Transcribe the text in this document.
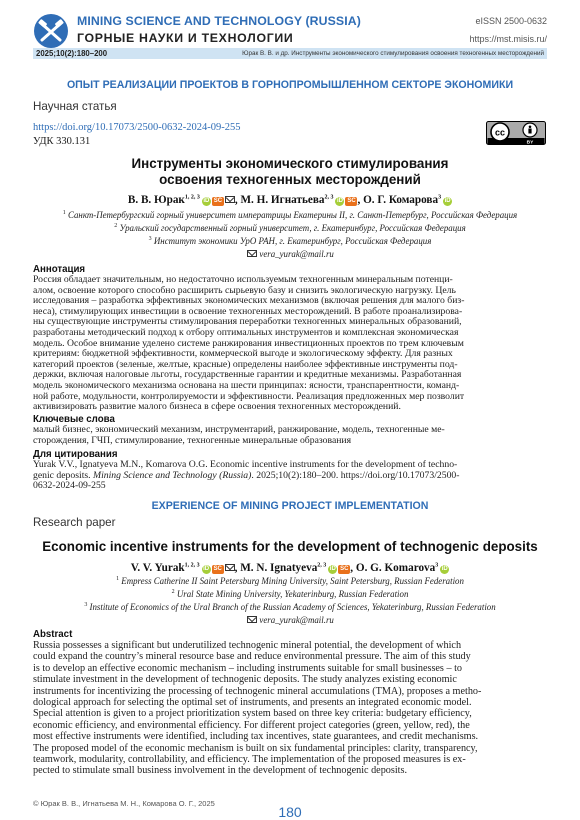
MINING SCIENCE AND TECHNOLOGY (RUSSIA)
ГОРНЫЕ НАУКИ И ТЕХНОЛОГИИ
eISSN 2500-0632
https://mst.misis.ru/
2025;10(2):180–200	Юрак В. В. и др. Инструменты экономического стимулирования освоения техногенных месторождений
ОПЫТ РЕАЛИЗАЦИИ ПРОЕКТОВ В ГОРНОПРОМЫШЛЕННОМ СЕКТОРЕ ЭКОНОМИКИ
Научная статья
https://doi.org/10.17073/2500-0632-2024-09-255
УДК 330.131
cc
BY
Инструменты экономического стимулирования
освоения техногенных месторождений
В. В. Юрак$^{1, 2, 3}$iD SC , М. Н. Игнатьева$^{2, 3}$iD SC , О. Г. Комарова$^3$iD
$^1$ Санкт-Петербургский горный университет императрицы Екатерины II, г. Санкт-Петербург, Российская Федерация
$^2$ Уральский государственный горный университет, г. Екатеринбург, Российская Федерация
$^3$ Институт экономики УрО РАН, г. Екатеринбург, Российская Федерация
vera_yurak@mail.ru
Аннотация
Россия обладает значительным, но недостаточно используемым техногенным минеральным потенци-
алом, освоение которого способно расширить сырьевую базу и снизить экологическую нагрузку. Цель
исследования – разработка эффективных экономических механизмов (включая решения для малого биз-
неса), стимулирующих инвестиции в освоение техногенных месторождений. В работе проанализирова-
ны существующие инструменты стимулирования переработки техногенных минеральных образований,
разработаны методический подход к отбору оптимальных инструментов и комплексная экономическая
модель. Особое внимание уделено системе ранжирования инвестиционных проектов по трем ключевым
критериям: бюджетной эффективности, коммерческой выгоде и экологическому эффекту. Для разных
категорий проектов (зеленые, желтые, красные) определены наиболее эффективные инструменты под-
держки, включая налоговые льготы, государственные гарантии и кредитные механизмы. Разработанная
модель экономического механизма основана на шести принципах: ясности, транспарентности, команд-
ной работе, модульности, контролируемости и эффективности. Реализация предложенных мер позволит
активизировать развитие малого бизнеса в сфере освоения техногенных месторождений.
Ключевые слова
малый бизнес, экономический механизм, инструментарий, ранжирование, модель, техногенные ме-
сторождения, ГЧП, стимулирование, техногенные минеральные образования
Для цитирования
Yurak V.V., Ignatyeva M.N., Komarova O.G. Economic incentive instruments for the development of techno-
genic deposits. Mining Science and Technology (Russia). 2025;10(2):180–200. https://doi.org/10.17073/2500-
0632-2024-09-255
EXPERIENCE OF MINING PROJECT IMPLEMENTATION
Research paper
Economic incentive instruments for the development of technogenic deposits
V. V. Yurak$^{1, 2, 3}$iD SC , M. N. Ignatyeva$^{2, 3}$iD SC , O. G. Komarova$^3$iD
$^1$ Empress Catherine II Saint Petersburg Mining University, Saint Petersburg, Russian Federation
$^2$ Ural State Mining University, Yekaterinburg, Russian Federation
$^3$ Institute of Economics of the Ural Branch of the Russian Academy of Sciences, Yekaterinburg, Russian Federation
vera_yurak@mail.ru
Abstract
Russia possesses a significant but underutilized technogenic mineral potential, the development of which
could expand the country’s mineral resource base and reduce environmental pressure. The aim of this study
is to develop an effective economic mechanism – including instruments suitable for small businesses – to
stimulate investment in the development of technogenic deposits. The study analyzes existing economic
instruments for incentivizing the processing of technogenic mineral accumulations (TMA), proposes a metho-
dological approach for selecting the optimal set of instruments, and presents an integrated economic model.
Special attention is given to a project prioritization system based on three key criteria: budgetary efficiency,
economic efficiency, and environmental efficiency. For different project categories (green, yellow, red), the
most effective instruments were identified, including tax incentives, state guarantees, and credit mechanisms.
The proposed model of the economic mechanism is built on six fundamental principles: clarity, transparency,
teamwork, modularity, controllability, and efficiency. The implementation of the proposed measures is ex-
pected to stimulate small business involvement in the development of technogenic deposits.
© Юрак В. В., Игнатьева М. Н., Комарова О. Г., 2025
180
